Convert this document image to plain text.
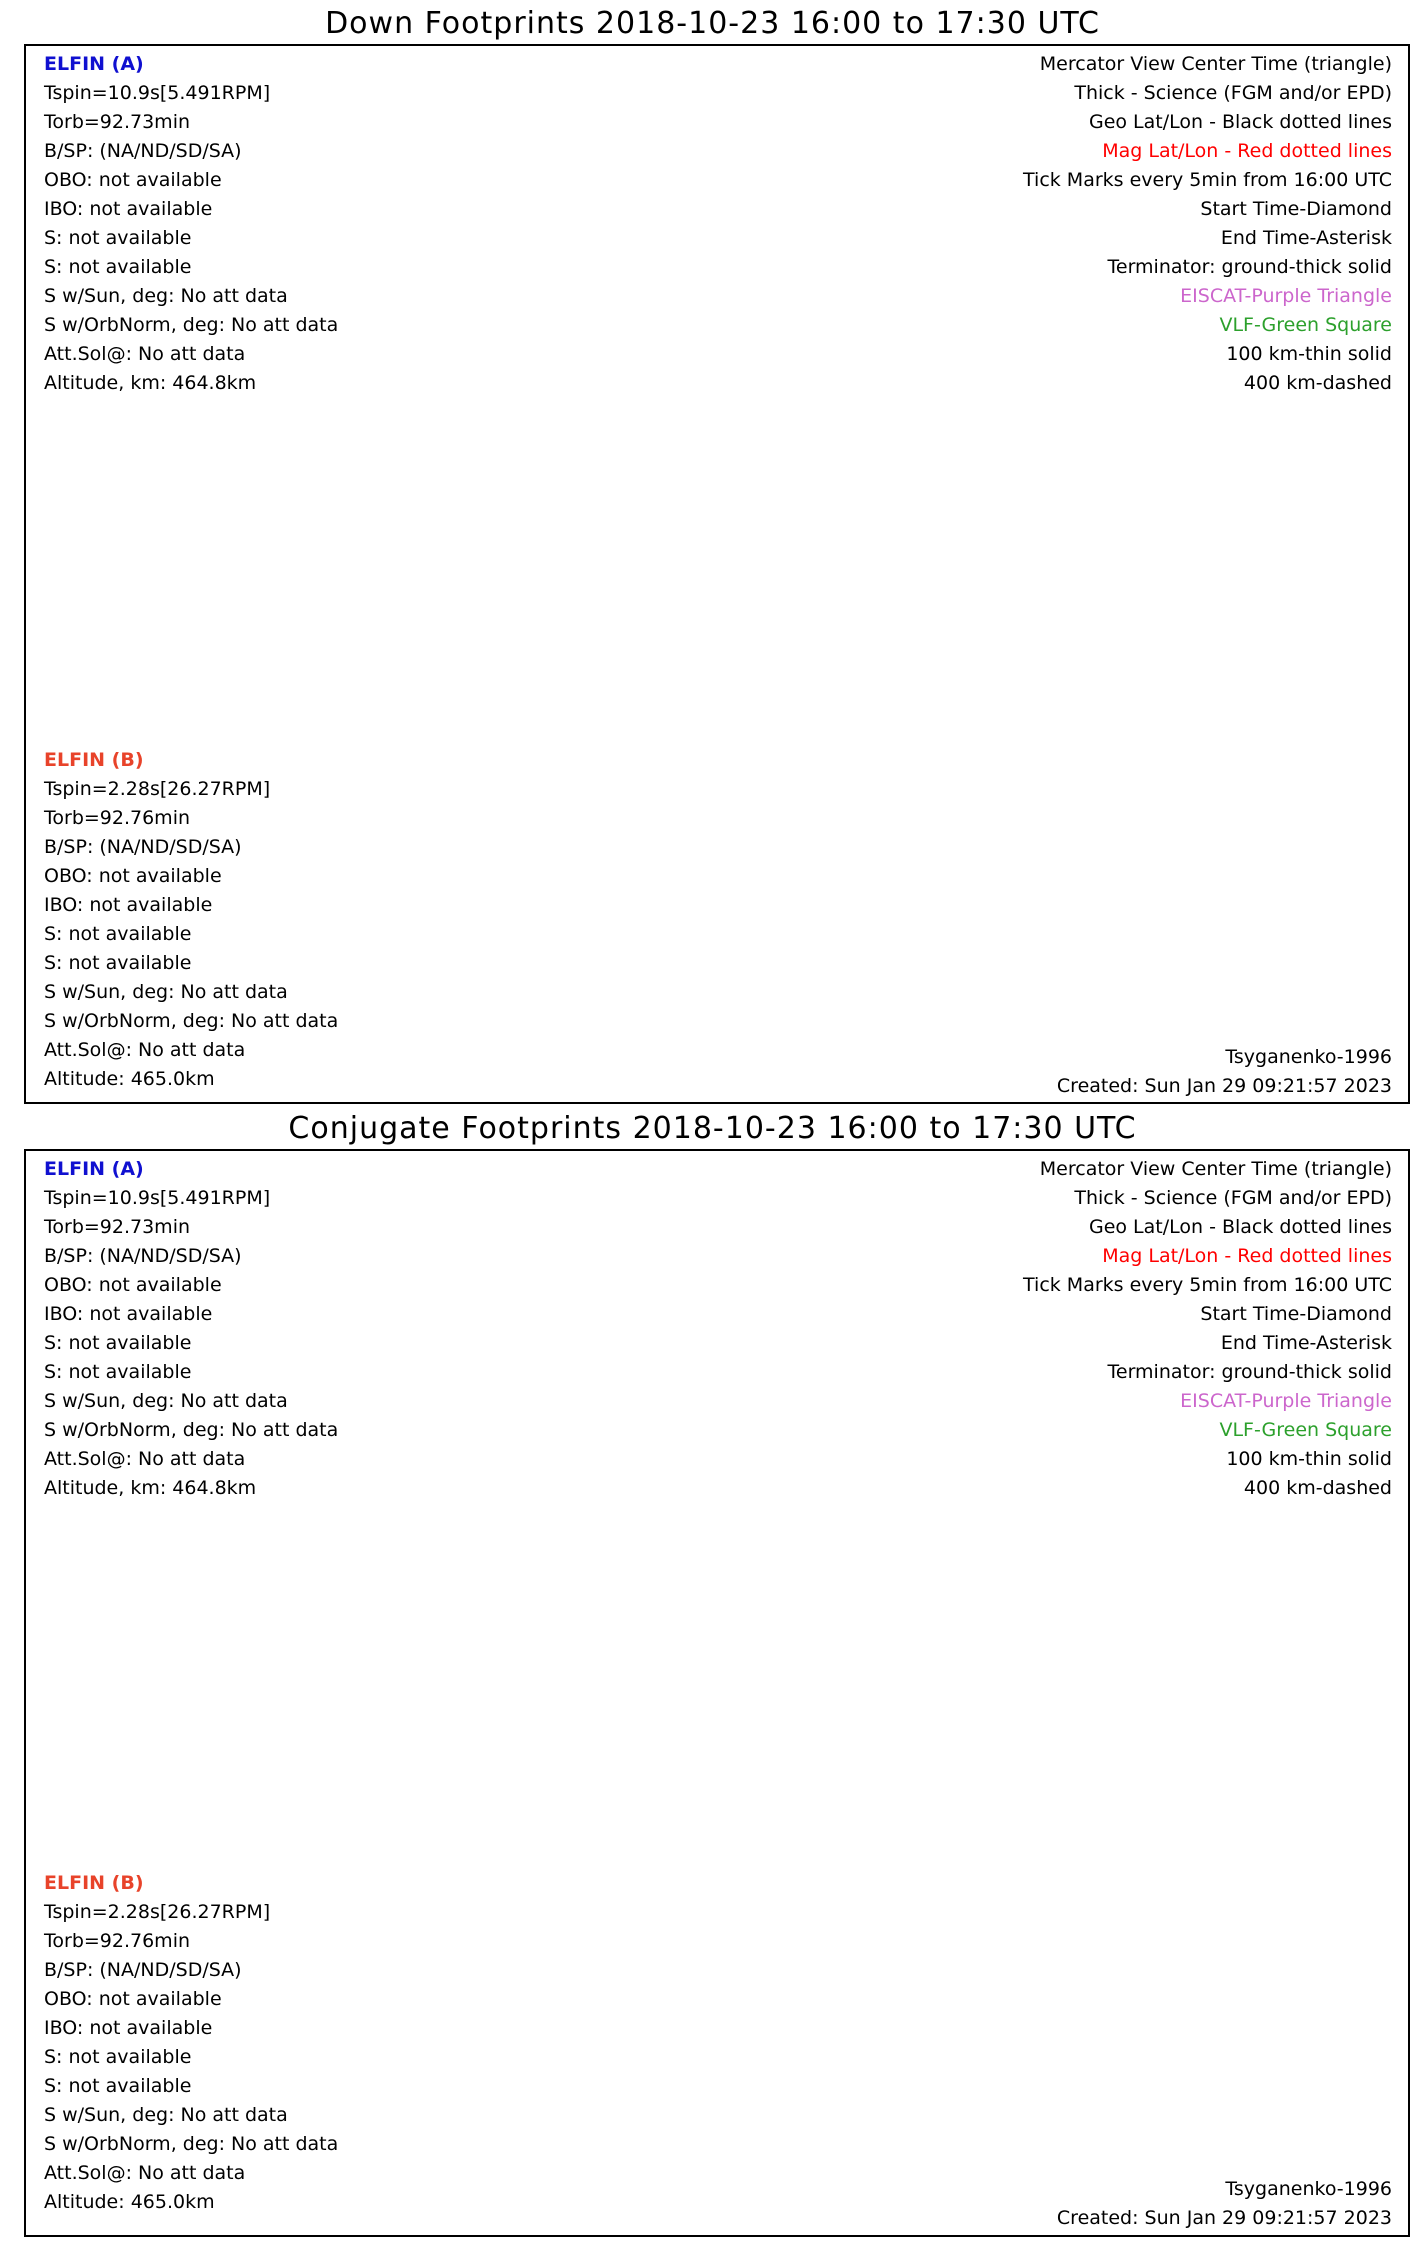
Down Footprints 2018-10-23 16:00 to 17:30 UTC
ELFIN (A)
Tspin=10.9s[5.491RPM]
Torb=92.73min
B/SP: (NA/ND/SD/SA)
OBO: not available
IBO: not available
S: not available
S: not available
S w/Sun, deg: No att data
S w/OrbNorm, deg: No att data
Att.Sol@: No att data
Altitude, km: 464.8km
ELFIN (B)
Tspin=2.28s[26.27RPM]
Torb=92.76min
B/SP: (NA/ND/SD/SA)
OBO: not available
IBO: not available
S: not available
S: not available
S w/Sun, deg: No att data
S w/OrbNorm, deg: No att data
Att.Sol@: No att data
Altitude: 465.0km
Mercator View Center Time (triangle)
Thick - Science (FGM and/or EPD)
Geo Lat/Lon - Black dotted lines
Mag Lat/Lon - Red dotted lines
Tick Marks every 5min from 16:00 UTC
Start Time-Diamond
End Time-Asterisk
Terminator: ground-thick solid
EISCAT-Purple Triangle
VLF-Green Square
100 km-thin solid
400 km-dashed
Tsyganenko-1996
Created: Sun Jan 29 09:21:57 2023
Conjugate Footprints 2018-10-23 16:00 to 17:30 UTC
ELFIN (A)
Tspin=10.9s[5.491RPM]
Torb=92.73min
B/SP: (NA/ND/SD/SA)
OBO: not available
IBO: not available
S: not available
S: not available
S w/Sun, deg: No att data
S w/OrbNorm, deg: No att data
Att.Sol@: No att data
Altitude, km: 464.8km
ELFIN (B)
Tspin=2.28s[26.27RPM]
Torb=92.76min
B/SP: (NA/ND/SD/SA)
OBO: not available
IBO: not available
S: not available
S: not available
S w/Sun, deg: No att data
S w/OrbNorm, deg: No att data
Att.Sol@: No att data
Altitude: 465.0km
Mercator View Center Time (triangle)
Thick - Science (FGM and/or EPD)
Geo Lat/Lon - Black dotted lines
Mag Lat/Lon - Red dotted lines
Tick Marks every 5min from 16:00 UTC
Start Time-Diamond
End Time-Asterisk
Terminator: ground-thick solid
EISCAT-Purple Triangle
VLF-Green Square
100 km-thin solid
400 km-dashed
Tsyganenko-1996
Created: Sun Jan 29 09:21:57 2023
